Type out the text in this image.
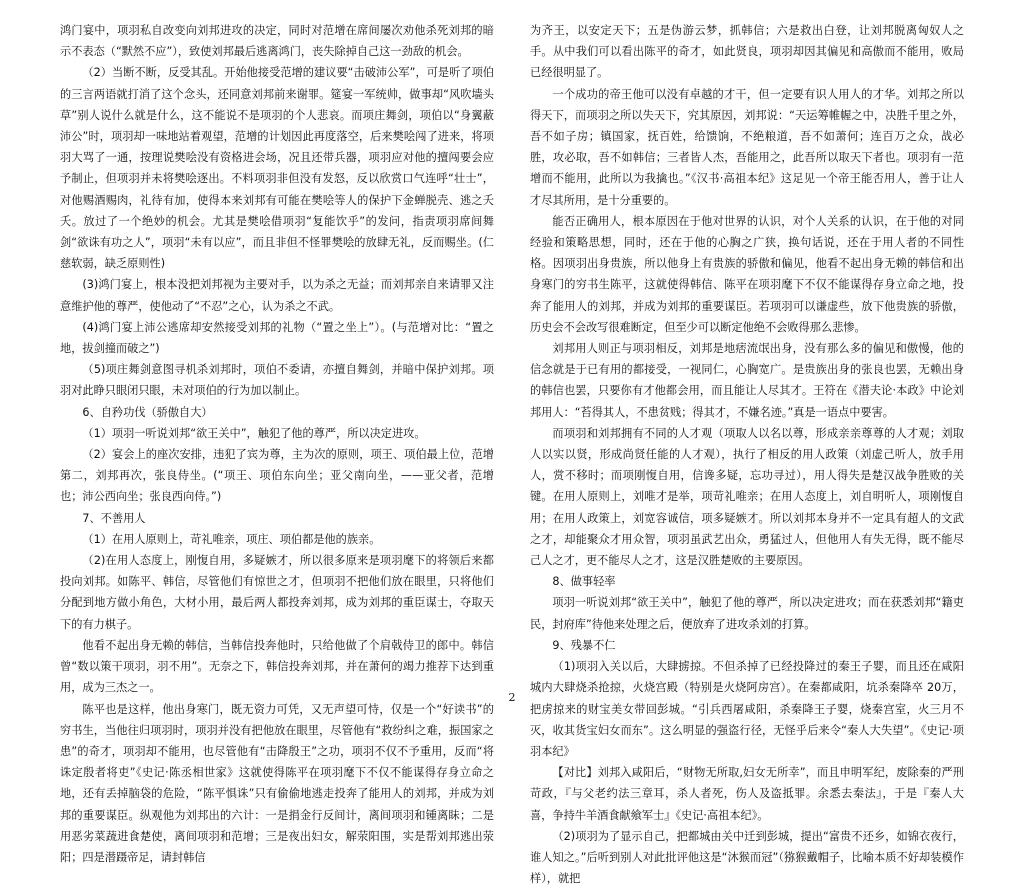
鸿门宴中，项羽私自改变向刘邦进攻的决定，同时对范增在席间屡次劝他杀死刘邦的暗示不表态（“默然不应”），致使刘邦最后逃离鸿门，丧失除掉自己这一劲敌的机会。

（2）当断不断，反受其乱。开始他接受范增的建议要“击破沛公军”，可是听了项伯的三言两语就打消了这个念头，还同意刘邦前来谢罪。筵宴一军统帅，做事却“风吹墙头草”别人说什么就是什么，这不能说不是项羽的个人悲哀。而项庄舞剑，项伯以“身翼蔽沛公”时，项羽却一味地站着观望，范增的计划因此再度落空，后来樊哙闯了进来，将项羽大骂了一通，按理说樊哙没有资格进会场，况且还带兵器，项羽应对他的擅闯要会应予制止，但项羽并未将樊哙逐出。不料项羽非但没有发怒，反以欣赏口气连呼“壮士”，对他赐酒赐肉，礼待有加，使得本来刘邦有可能在樊哙等人的保护下金蝉脱壳、逃之夭夭。放过了一个绝妙的机会。尤其是樊哙借项羽“复能饮乎”的发问，指责项羽席间舞剑“欲诛有功之人”，项羽“未有以应”，而且非但不怪罪樊哙的放肆无礼，反而赐坐。(仁慈软弱，缺乏原则性)

(3)鸿门宴上，根本没把刘邦视为主要对手，以为杀之无益；而刘邦亲自来请罪又注意维护他的尊严，使他动了“不忍”之心，认为杀之不武。

(4)鸿门宴上沛公逃席却安然接受刘邦的礼物（“置之坐上”）。(与范增对比：“置之地，拔剑撞而破之”)

（5)项庄舞剑意图寻机杀刘邦时，项伯不委请，亦擅自舞剑，并暗中保护刘邦。项羽对此睁只眼闭只眼，未对项伯的行为加以制止。

6、自矜功伐（骄傲自大）

（1）项羽一听说刘邦“欲王关中”，触犯了他的尊严，所以决定进攻。

（2）宴会上的座次安排，违犯了宾为尊，主为次的原则，项王、项伯最上位，范增第二，刘邦再次，张良侍坐。(“项王、项伯东向坐；亚父南向坐，——亚父者，范增也；沛公西向坐；张良西向侍。”)

7、不善用人

（1）在用人原则上，苛礼唯亲，项庄、项伯都是他的族亲。

（2)在用人态度上，刚愎自用，多疑嫉才，所以很多原来是项羽麾下的将领后来都投向刘邦。如陈平、韩信，尽管他们有惊世之才，但项羽不把他们放在眼里，只将他们分配到地方做小角色，大材小用，最后两人都投奔刘邦，成为刘邦的重臣谋士，夺取天下的有力棋子。

他看不起出身无赖的韩信，当韩信投奔他时，只给他做了个肩戟侍卫的郎中。韩信曾“数以策干项羽，羽不用”。无奈之下，韩信投奔刘邦，并在萧何的竭力推荐下达到重用，成为三杰之一。

陈平也是这样，他出身寒门，既无资力可凭，又无声望可恃，仅是一个“好读书”的穷书生，当他往归项羽时，项羽并没有把他放在眼里，尽管他有“救纷纠之难，振国家之患”的奇才，项羽却不能用，也尽管他有“击降殷王”之功，项羽不仅不予重用，反而“将诛定殷者将吏”《史记·陈丞相世家》这就使得陈平在项羽麾下不仅不能谋得存身立命之地，还有丢掉脑袋的危险，“陈平惧诛”只有偷偷地逃走投奔了能用人的刘邦，并成为刘邦的重要谋臣。纵观他为刘邦出的六计：一是捐金行反间计，离间项羽和锺离眛；二是用恶劣菜蔬进食楚使，离间项羽和范增；三是夜出妇女，解荥阳围，实是帮刘邦逃出荥阳；四是潜蹑帝足，请封韩信

为齐王，以安定天下；五是伪游云梦，抓韩信；六是救出白登，让刘邦脱离匈奴人之手。从中我们可以看出陈平的奇才，如此贤良，项羽却因其偏见和高傲而不能用，败局已经很明显了。

一个成功的帝王他可以没有卓越的才干，但一定要有识人用人的才华。刘邦之所以得天下，而项羽之所以失天下，究其原因，刘邦说：“天运筹帷幄之中，决胜千里之外，吾不如子房；镇国家，抚百姓，给馈饷，不绝粮道，吾不如萧何；连百万之众，战必胜，攻必取，吾不如韩信；三者皆人杰，吾能用之，此吾所以取天下者也。项羽有一范增而不能用，此所以为我擒也。”《汉书·高祖本纪》这足见一个帝王能否用人，善于让人才尽其所用，是十分重要的。

能否正确用人，根本原因在于他对世界的认识，对个人关系的认识，在于他的对同经验和策略思想，同时，还在于他的心胸之广狭，换句话说，还在于用人者的不同性格。因项羽出身贵族，所以他身上有贵族的骄傲和偏见，他看不起出身无赖的韩信和出身寒门的穷书生陈平，这就使得韩信、陈平在项羽麾下不仅不能谋得存身立命之地，投奔了能用人的刘邦，并成为刘邦的重要谋臣。若项羽可以谦虚些，放下他贵族的骄傲，历史会不会改写很难断定，但至少可以断定他绝不会败得那么悲惨。

刘邦用人则正与项羽相反，刘邦是地痞流氓出身，没有那么多的偏见和傲慢，他的信念就是于已有用的都接受，一视同仁，心胸宽广。是贵族出身的张良也罢，无赖出身的韩信也罢，只要你有才他都会用，而且能让人尽其才。王符在《潜夫论·本政》中论刘邦用人：“苔得其人，不患贫贱；得其才，不嫌名迹。”真是一语点中要害。

而项羽和刘邦拥有不同的人才观（项取人以名以尊，形成亲亲尊尊的人才观；刘取人以实以贤，形成尚贤任能的人才观），执行了相反的用人政策（刘虚己听人，放手用人，赏不移时；而项刚愎自用，信谗多疑，忘功寻过），用人得失是楚汉战争胜败的关键。在用人原则上，刘唯才是举，项苛礼唯亲；在用人态度上，刘自明听人，项刚愎自用；在用人政策上，刘宽容诚信，项多疑嫉才。所以刘邦本身并不一定具有超人的文武之才，却能聚众才用众智，项羽虽武艺出众，勇猛过人，但他用人有失无得，既不能尽己人之才，更不能尽人之才，这是汉胜楚败的主要原因。

8、做事轻率

项羽一听说刘邦“欲王关中”，触犯了他的尊严，所以决定进攻；而在获悉刘邦“籍吏民，封府库”待他来处理之后，便放弃了进攻杀刘的打算。

9、残暴不仁

（1)项羽入关以后，大肆掳掠。不但杀掉了已经投降过的秦王子婴，而且还在咸阳城内大肆烧杀抢掠，火烧宫殿（特别是火烧阿房宫）。在秦都咸阳，坑杀秦降卒 20万，把虏掠来的财宝美女带回彭城。“引兵西屠咸阳，杀秦降王子婴，烧秦宫室，火三月不灭，收其货宝妇女而东”。这么明显的强盗行径，无怪乎后来令“秦人大失望”。《史记·项羽本纪》

【对比】刘邦入咸阳后，“财物无所取,妇女无所幸”，而且申明军纪，废除秦的严刑苛政，『与父老约法三章耳，杀人者死，伤人及盗抵罪。余悉去秦法』，于是『秦人大喜，争持牛羊酒食献飨军士』《史记·高祖本纪》。

（2)项羽为了显示自己，把都城由关中迁到彭城，提出“富贵不还乡，如锦衣夜行，谁人知之。”后听到别人对此批评他这是“沐猴而冠”（猕猴戴帽子，比喻本质不好却装模作样），就把

2
